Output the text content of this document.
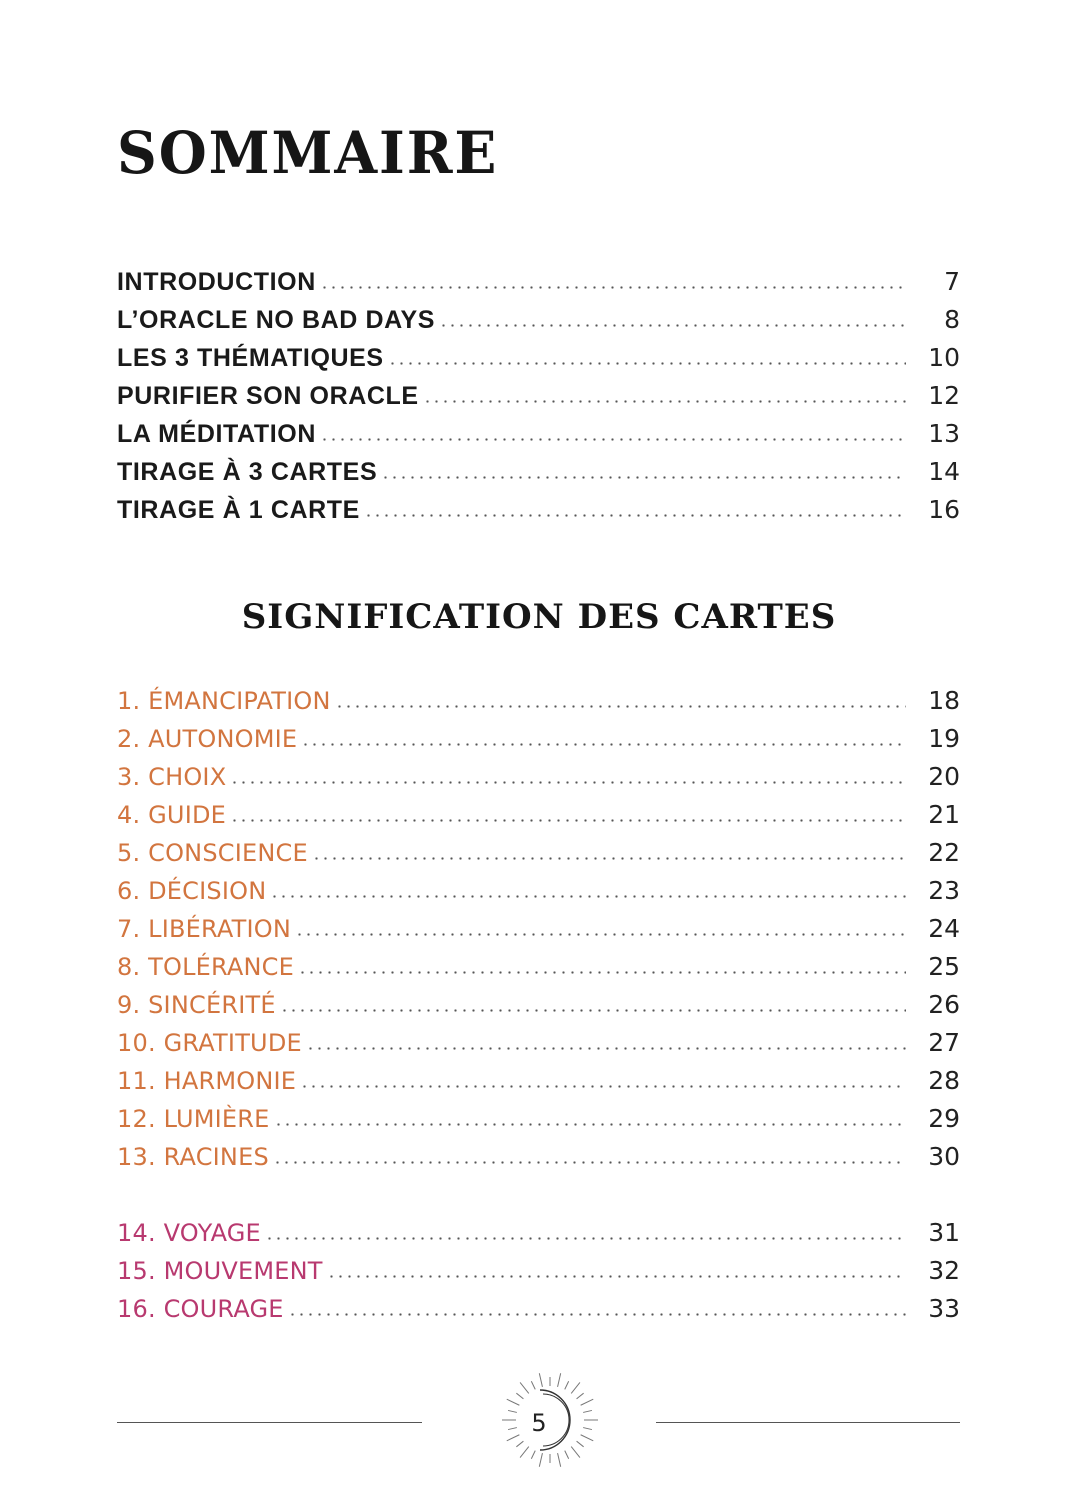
SOMMAIRE
INTRODUCTION	7
L’ORACLE NO BAD DAYS	8
LES 3 THÉMATIQUES	10
PURIFIER SON ORACLE	12
LA MÉDITATION	13
TIRAGE À 3 CARTES	14
TIRAGE À 1 CARTE	16
SIGNIFICATION DES CARTES
1. ÉMANCIPATION	18
2. AUTONOMIE	19
3. CHOIX	20
4. GUIDE	21
5. CONSCIENCE	22
6. DÉCISION	23
7. LIBÉRATION	24
8. TOLÉRANCE	25
9. SINCÉRITÉ	26
10. GRATITUDE	27
11. HARMONIE	28
12. LUMIÈRE	29
13. RACINES	30
14. VOYAGE	31
15. MOUVEMENT	32
16. COURAGE	33
5
